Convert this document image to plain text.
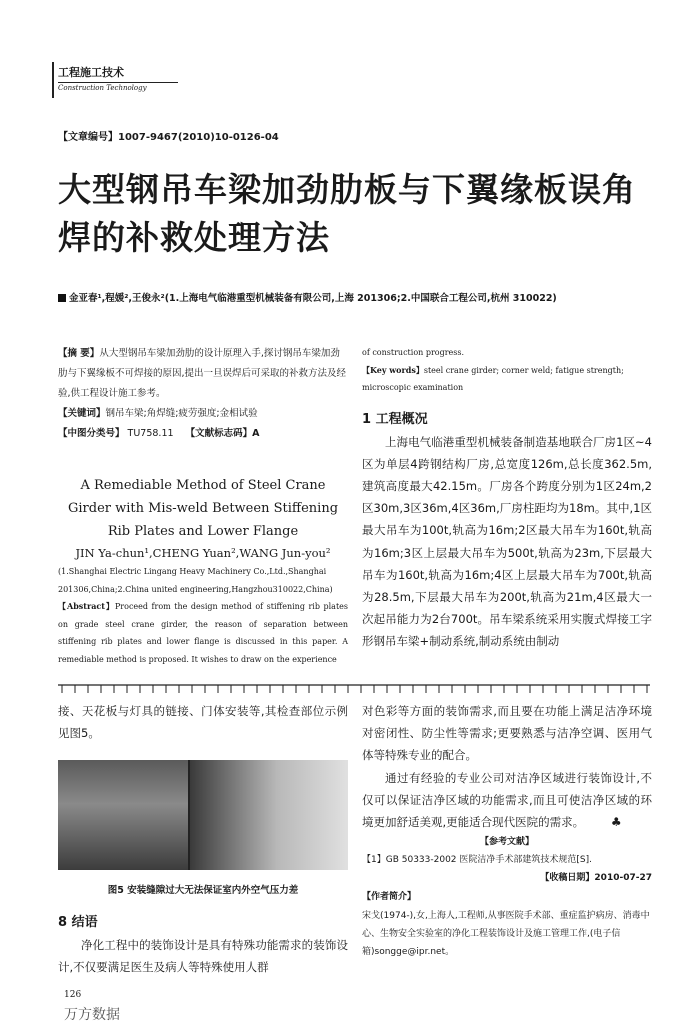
工程施工技术
Construction Technology
【文章编号】1007-9467(2010)10-0126-04
大型钢吊车梁加劲肋板与下翼缘板误角焊的补救处理方法
金亚春¹,程媛²,王俊永²(1.上海电气临港重型机械装备有限公司,上海 201306;2.中国联合工程公司,杭州 310022)
【摘 要】从大型钢吊车梁加劲肋的设计原理入手,探讨钢吊车梁加劲肋与下翼缘板不可焊接的原因,提出一旦误焊后可采取的补救方法及经验,供工程设计施工参考。
【关键词】钢吊车梁;角焊缝;疲劳强度;金相试验
【中图分类号】 TU758.11 【文献标志码】A
A Remediable Method of Steel Crane Girder with Mis-weld Between Stiffening Rib Plates and Lower Flange
JIN Ya-chun¹,CHENG Yuan²,WANG Jun-you²
(1.Shanghai Electric Lingang Heavy Machinery Co.,Ltd.,Shanghai 201306,China;2.China united engineering,Hangzhou310022,China)
【Abstract】Proceed from the design method of stiffening rib plates on grade steel crane girder, the reason of separation between stiffening rib plates and lower flange is discussed in this paper. A remediable method is proposed. It wishes to draw on the experience
of construction progress.
【Key words】steel crane girder; corner weld; fatigue strength; microscopic examination
1 工程概况
上海电气临港重型机械装备制造基地联合厂房1区~4区为单层4跨钢结构厂房,总宽度126m,总长度362.5m,建筑高度最大42.15m。厂房各个跨度分别为1区24m,2区30m,3区36m,4区36m,厂房柱距均为18m。其中,1区最大吊车为100t,轨高为16m;2区最大吊车为160t,轨高为16m;3区上层最大吊车为500t,轨高为23m,下层最大吊车为160t,轨高为16m;4区上层最大吊车为700t,轨高为28.5m,下层最大吊车为200t,轨高为21m,4区最大一次起吊能力为2台700t。吊车梁系统采用实腹式焊接工字形钢吊车梁+制动系统,制动系统由制动
接、天花板与灯具的链接、门体安装等,其检查部位示例见图5。
图5 安装缝隙过大无法保证室内外空气压力差
8 结语
净化工程中的装饰设计是具有特殊功能需求的装饰设计,不仅要满足医生及病人等特殊使用人群
对色彩等方面的装饰需求,而且要在功能上满足洁净环境对密闭性、防尘性等需求;更要熟悉与洁净空调、医用气体等特殊专业的配合。
通过有经验的专业公司对洁净区域进行装饰设计,不仅可以保证洁净区域的功能需求,而且可使洁净区域的环境更加舒适美观,更能适合现代医院的需求。 ♣
【参考文献】
【1】GB 50333-2002 医院洁净手术部建筑技术规范[S].
【收稿日期】2010-07-27
【作者简介】
宋戈(1974-),女,上海人,工程师,从事医院手术部、重症监护病房、消毒中心、生物安全实验室的净化工程装饰设计及施工管理工作,(电子信箱)songge@ipr.net。
126
万方数据
